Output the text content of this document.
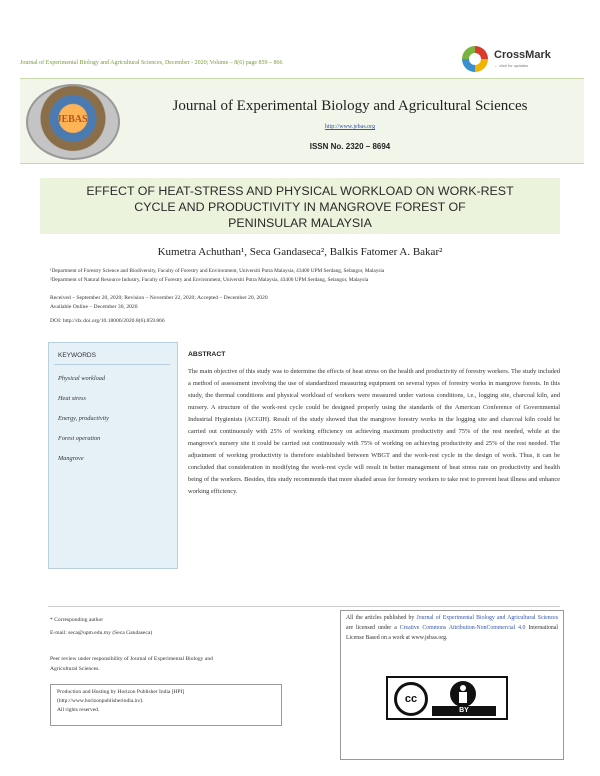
Journal of Experimental Biology and Agricultural Sciences, December - 2020; Volume – 8(6) page 859 – 866
CrossMark
← click for updates
JEBAS
Journal of Experimental Biology and Agricultural Sciences
http://www.jebas.org
ISSN No. 2320 – 8694
EFFECT OF HEAT-STRESS AND PHYSICAL WORKLOAD ON WORK-REST
CYCLE AND PRODUCTIVITY IN MANGROVE FOREST OF
PENINSULAR MALAYSIA
Kumetra Achuthan¹, Seca Gandaseca², Balkis Fatomer A. Bakar²
¹Department of Forestry Science and Biodiversity, Faculty of Forestry and Environment, Universiti Putra Malaysia, 43400 UPM Serdang, Selangor, Malaysia
²Department of Natural Resource Industry, Faculty of Forestry and Environment, Universiti Putra Malaysia, 43400 UPM Serdang, Selangor, Malaysia
Received – September 20, 2020; Revision – November 22, 2020; Accepted – December 20, 2020
Available Online – December 30, 2020
DOI: http://dx.doi.org/10.18006/2020.8(6).859.866
KEYWORDS
Physical workload
Heat stress
Energy, productivity
Forest operation
Mangrove
ABSTRACT
The main objective of this study was to determine the effects of heat stress on the health and productivity of forestry workers. The study included a method of assessment involving the use of standardized measuring equipment on several types of forestry works in mangrove forests. In this study, the thermal conditions and physical workload of workers were measured under various conditions, i.e., logging site, charcoal kiln, and nursery. A structure of the work-rest cycle could be designed properly using the standards of the American Conference of Governmental Industrial Hygienists (ACGIH). Result of the study showed that the mangrove forestry works in the logging site and charcoal kiln could be carried out continuously with 25% of working efficiency on achieving maximum productivity and 75% of the rest needed, while at the mangrove's nursery site it could be carried out continuously with 75% of working on achieving productivity and 25% of the rest needed. The adjustment of working productivity is therefore established between WBGT and the work-rest cycle in the design of work. Thus, it can be concluded that consideration in modifying the work-rest cycle will result in better management of heat stress rate on productivity and health being of the workers. Besides, this study recommends that more shaded areas for forestry workers to take rest to prevent heat illness and enhance working efficiency.
* Corresponding author
E-mail: seca@upm.edu.my (Seca Gandaseca)
Peer review under responsibility of Journal of Experimental Biology and
Agricultural Sciences.
Production and Hosting by Horizon Publisher India [HPI]
(http://www.horizonpublisherindia.in/).
All rights reserved.
All the articles published by Journal of Experimental Biology and Agricultural Sciences are licensed under a Creative Commons Attribution-NonCommercial 4.0 International License Based on a work at www.jebas.org.
cc
BY
